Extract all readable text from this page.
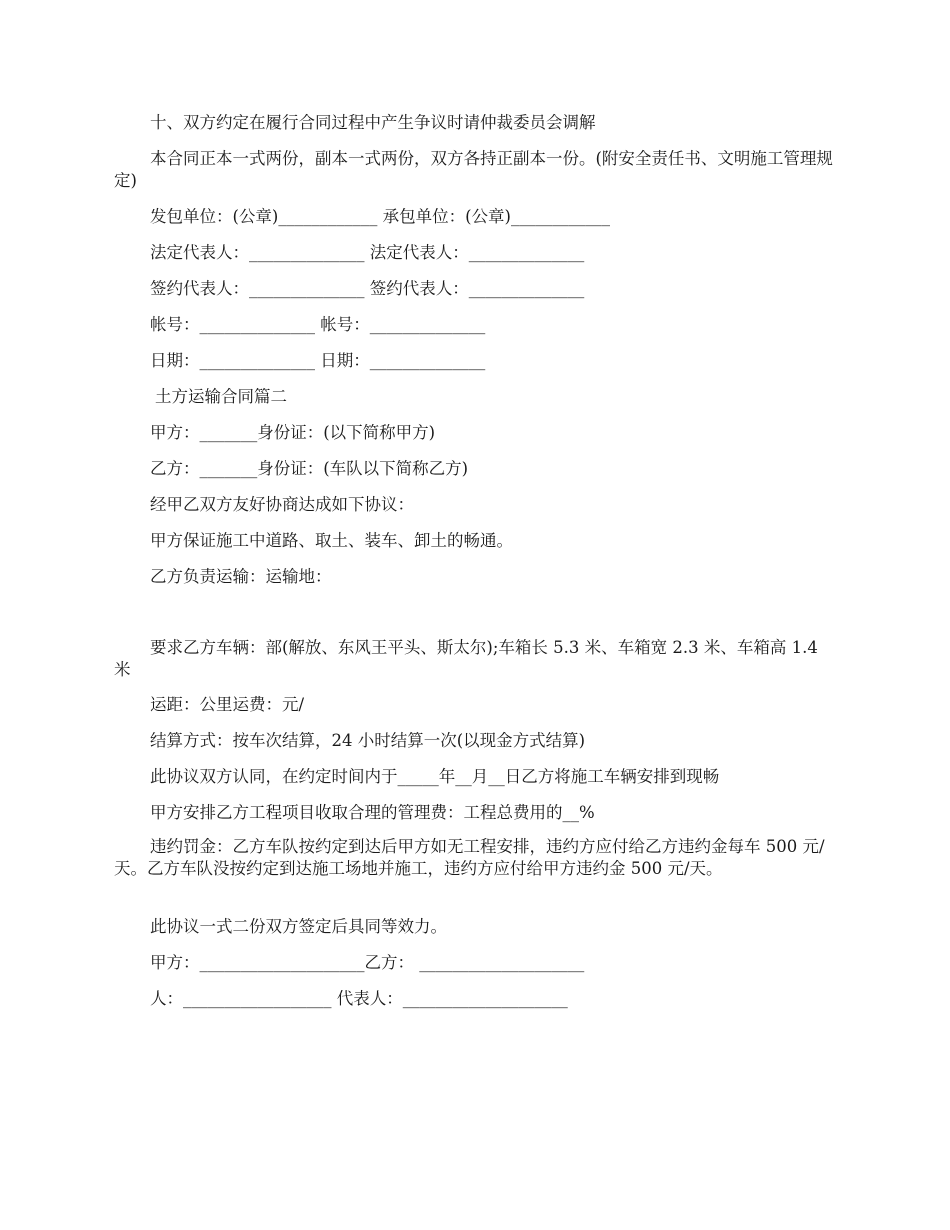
十、双方约定在履行合同过程中产生争议时请仲裁委员会调解
本合同正本一式两份，副本一式两份，双方各持正副本一份。(附安全责任书、文明施工管理规定)
发包单位：(公章)____________ 承包单位：(公章)____________
法定代表人：______________ 法定代表人：______________
签约代表人：______________ 签约代表人：______________
帐号：______________ 帐号：______________
日期：______________ 日期：______________
土方运输合同篇二
甲方：_______身份证：(以下简称甲方)
乙方：_______身份证：(车队以下简称乙方)
经甲乙双方友好协商达成如下协议：
甲方保证施工中道路、取土、装车、卸土的畅通。
乙方负责运输：运输地：
要求乙方车辆：部(解放、东风王平头、斯太尔);车箱长 5.3 米、车箱宽 2.3 米、车箱高 1.4 米
运距：公里运费：元/
结算方式：按车次结算，24 小时结算一次(以现金方式结算)
此协议双方认同，在约定时间内于_____年__月__日乙方将施工车辆安排到现畅
甲方安排乙方工程项目收取合理的管理费：工程总费用的__%
违约罚金：乙方车队按约定到达后甲方如无工程安排，违约方应付给乙方违约金每车 500 元/天。乙方车队没按约定到达施工场地并施工，违约方应付给甲方违约金 500 元/天。
此协议一式二份双方签定后具同等效力。
甲方：____________________乙方： ____________________
人：__________________ 代表人：____________________
